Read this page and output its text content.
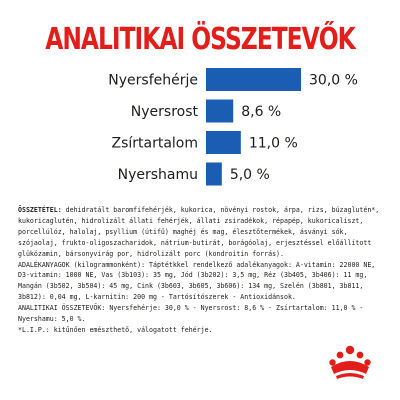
ANALITIKAI ÖSSZETEVŐK
Nyersfehérje	30,0 %
Nyersrost	8,6 %
Zsírtartalom	11,0 %
Nyershamu 5,0 %
ÖSSZETÉTEL: dehidratált baromfifehérjék, kukorica, növényi rostok, árpa, rizs, búzaglutén*, kukoricaglutén, hidrolizált állati fehérjék, állati zsiradékok, répapép, kukoricaliszt, porcellúlóz, halolaj, psyllium (útifű) maghéj és mag, élesztőtermékek, ásványi sók, szójaolaj, frukto-oligoszacharidok, nátrium-butirát, borágóolaj, erjesztéssel előállított glükózamin, bársonyvirág por, hidrolizált porc (kondroitin forrás).
ADALÉKANYAGOK (kilogrammonként): Táptétkkel rendelkező adalékanyagok: A-vitamin: 22000 NE, D3-vitamin: 1000 NE, Vas (3b103): 35 mg, Jód (3b202): 3,5 mg, Réz (3b405, 3b406): 11 mg, Mangán (3b502, 3b504): 45 mg, Cink (3b603, 3b605, 3b606): 134 mg, Szelén (3b801, 3b811, 3b812): 0,04 mg, L-karnitin: 200 mg - Tartósítószerek - Antioxidánsok.
ANALITIKAI ÖSSZETEVŐK: Nyersfehérje: 30,0 % - Nyersrost: 8,6 % - Zsírtartalom: 11,0 % - Nyershamu: 5,0 %.
*L.I.P.: kitűnően emészthető, válogatott fehérje.
